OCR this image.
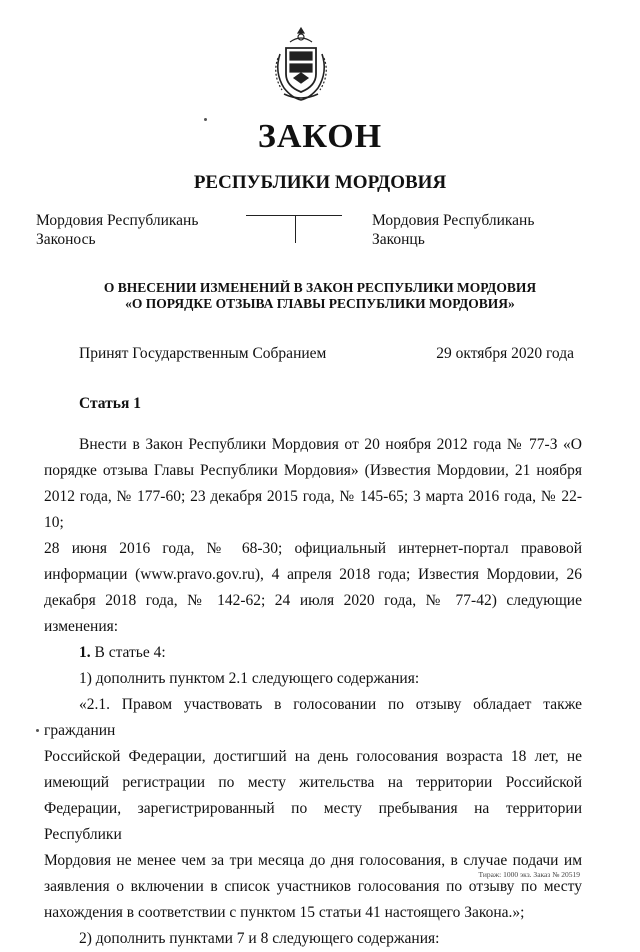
ЗАКОН
РЕСПУБЛИКИ МОРДОВИЯ
Мордовия Республикань
Законось
Мордовия Республикань
Законць
О ВНЕСЕНИИ ИЗМЕНЕНИЙ В ЗАКОН РЕСПУБЛИКИ МОРДОВИЯ
«О ПОРЯДКЕ ОТЗЫВА ГЛАВЫ РЕСПУБЛИКИ МОРДОВИЯ»
Принят Государственным Собранием	29 октября 2020 года
Статья 1

Внести в Закон Республики Мордовия от 20 ноября 2012 года № 77-З «О

порядке отзыва Главы Республики Мордовия» (Известия Мордовии, 21 ноября

2012 года, № 177-60; 23 декабря 2015 года, № 145-65; 3 марта 2016 года, № 22-10;

28 июня 2016 года, № 68-30; официальный интернет-портал правовой

информации (www.pravo.gov.ru), 4 апреля 2018 года; Известия Мордовии, 26

декабря 2018 года, № 142-62; 24 июля 2020 года, № 77-42) следующие изменения:

1. В статье 4:

1) дополнить пунктом 2.1 следующего содержания:

«2.1. Правом участвовать в голосовании по отзыву обладает также гражданин

Российской Федерации, достигший на день голосования возраста 18 лет, не

имеющий регистрации по месту жительства на территории Российской

Федерации, зарегистрированный по месту пребывания на территории Республики

Мордовия не менее чем за три месяца до дня голосования, в случае подачи им

заявления о включении в список участников голосования по отзыву по месту

нахождения в соответствии с пунктом 15 статьи 41 настоящего Закона.»;

2) дополнить пунктами 7 и 8 следующего содержания:

Тираж: 1000 экз. Заказ № 20519
